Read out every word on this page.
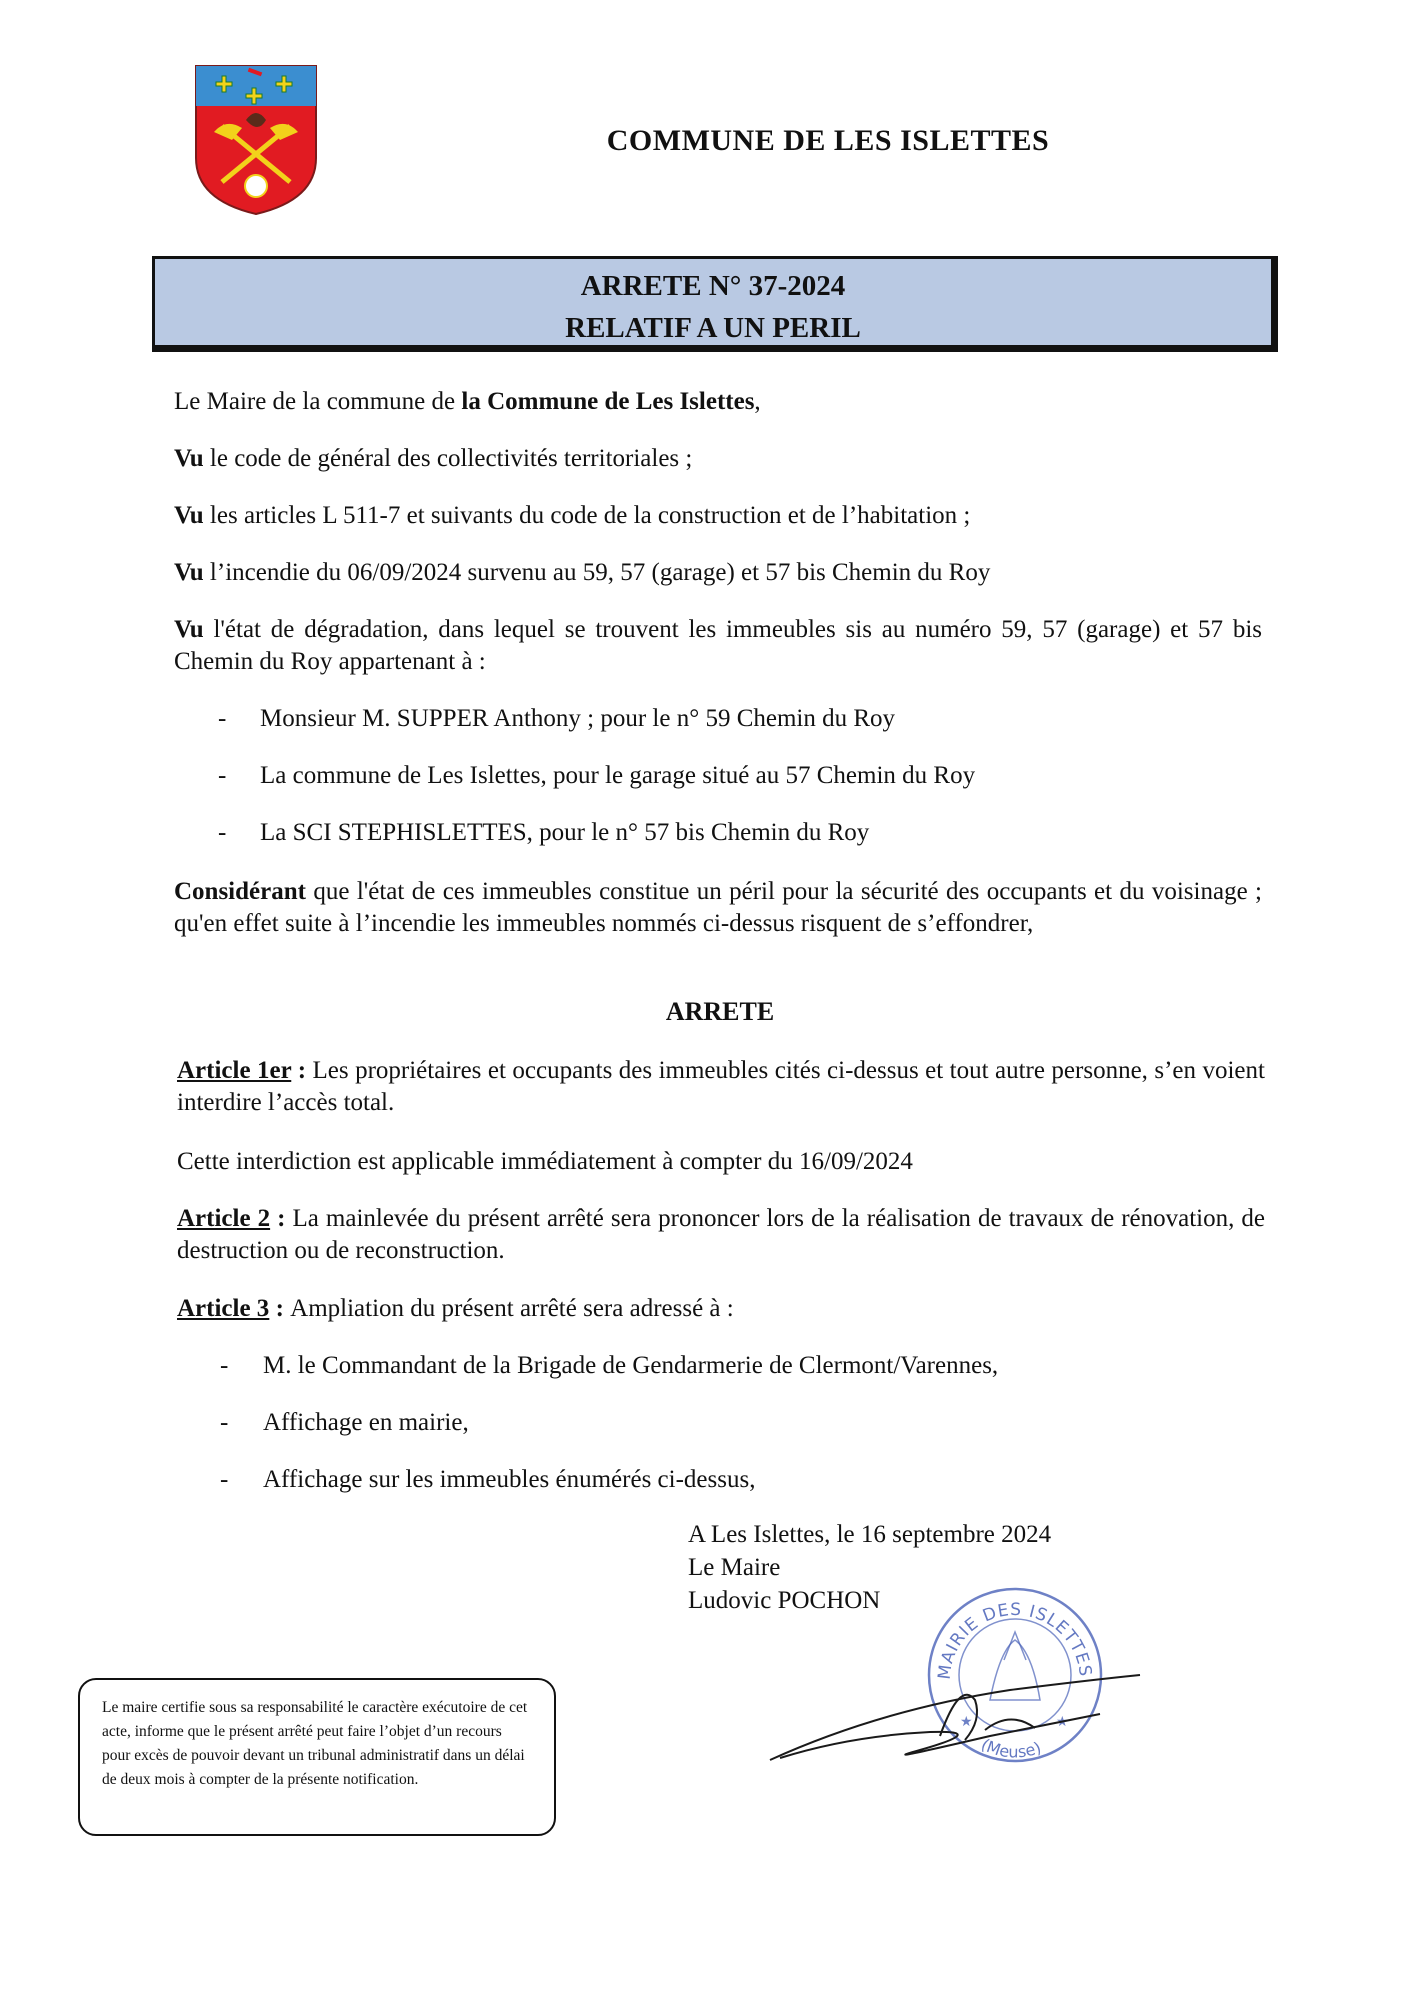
COMMUNE DE LES ISLETTES
ARRETE N° 37-2024
RELATIF A UN PERIL
Le Maire de la commune de la Commune de Les Islettes,
Vu le code de général des collectivités territoriales ;
Vu les articles L 511-7 et suivants du code de la construction et de l’habitation ;
Vu l’incendie du 06/09/2024 survenu au 59, 57 (garage) et 57 bis Chemin du Roy
Vu l'état de dégradation, dans lequel se trouvent les immeubles sis au numéro 59, 57 (garage) et 57 bis Chemin du Roy appartenant à :
- Monsieur M. SUPPER Anthony ; pour le n° 59 Chemin du Roy
- La commune de Les Islettes, pour le garage situé au 57 Chemin du Roy
- La SCI STEPHISLETTES, pour le n° 57 bis Chemin du Roy
Considérant que l'état de ces immeubles constitue un péril pour la sécurité des occupants et du voisinage ; qu'en effet suite à l’incendie les immeubles nommés ci-dessus risquent de s’effondrer,
ARRETE
Article 1er : Les propriétaires et occupants des immeubles cités ci-dessus et tout autre personne, s’en voient interdire l’accès total.
Cette interdiction est applicable immédiatement à compter du 16/09/2024
Article 2 : La mainlevée du présent arrêté sera prononcer lors de la réalisation de travaux de rénovation, de destruction ou de reconstruction.
Article 3 : Ampliation du présent arrêté sera adressé à :
- M. le Commandant de la Brigade de Gendarmerie de Clermont/Varennes,
- Affichage en mairie,
- Affichage sur les immeubles énumérés ci-dessus,
A Les Islettes, le 16 septembre 2024
Le Maire
Ludovic POCHON
MAIRIE DES ISLETTES
(Meuse)
★	★
Le maire certifie sous sa responsabilité le caractère exécutoire de cet acte, informe que le présent arrêté peut faire l’objet d’un recours pour excès de pouvoir devant un tribunal administratif dans un délai de deux mois à compter de la présente notification.
